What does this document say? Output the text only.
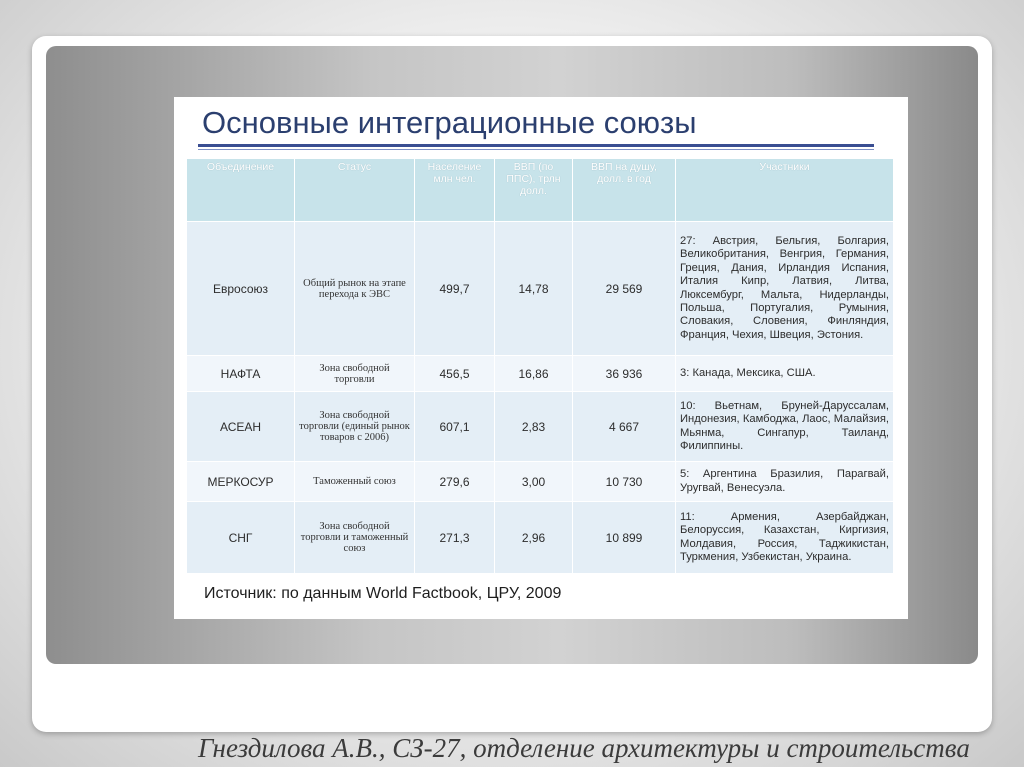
Основные интеграционные союзы
Объединение	Статус	Население млн чел.	ВВП (по ППС), трлн долл.	ВВП на душу, долл. в год	Участники
Евросоюз	Общий рынок на этапе перехода к ЭВС	499,7	14,78	29 569	27: Австрия, Бельгия, Болгария, Великобритания, Венгрия, Германия, Греция, Дания, Ирландия Испания, Италия Кипр, Латвия, Литва, Люксембург, Мальта, Нидерланды, Польша, Португалия, Румыния, Словакия, Словения, Финляндия, Франция, Чехия, Швеция, Эстония.
НАФТА	Зона свободной торговли	456,5	16,86	36 936	3: Канада, Мексика, США.
АСЕАН	Зона свободной торговли (единый рынок товаров с 2006)	607,1	2,83	4 667	10: Вьетнам, Бруней-Даруссалам, Индонезия, Камбоджа, Лаос, Малайзия, Мьянма, Сингапур, Таиланд, Филиппины.
МЕРКОСУР	Таможенный союз	279,6	3,00	10 730	5: Аргентина Бразилия, Парагвай, Уругвай, Венесуэла.
СНГ	Зона свободной торговли и таможенный союз	271,3	2,96	10 899	11: Армения, Азербайджан, Белоруссия, Казахстан, Киргизия, Молдавия, Россия, Таджикистан, Туркмения, Узбекистан, Украина.
Источник: по данным World Factbook, ЦРУ, 2009
Гнездилова А.В., СЗ-27, отделение архитектуры и строительства
